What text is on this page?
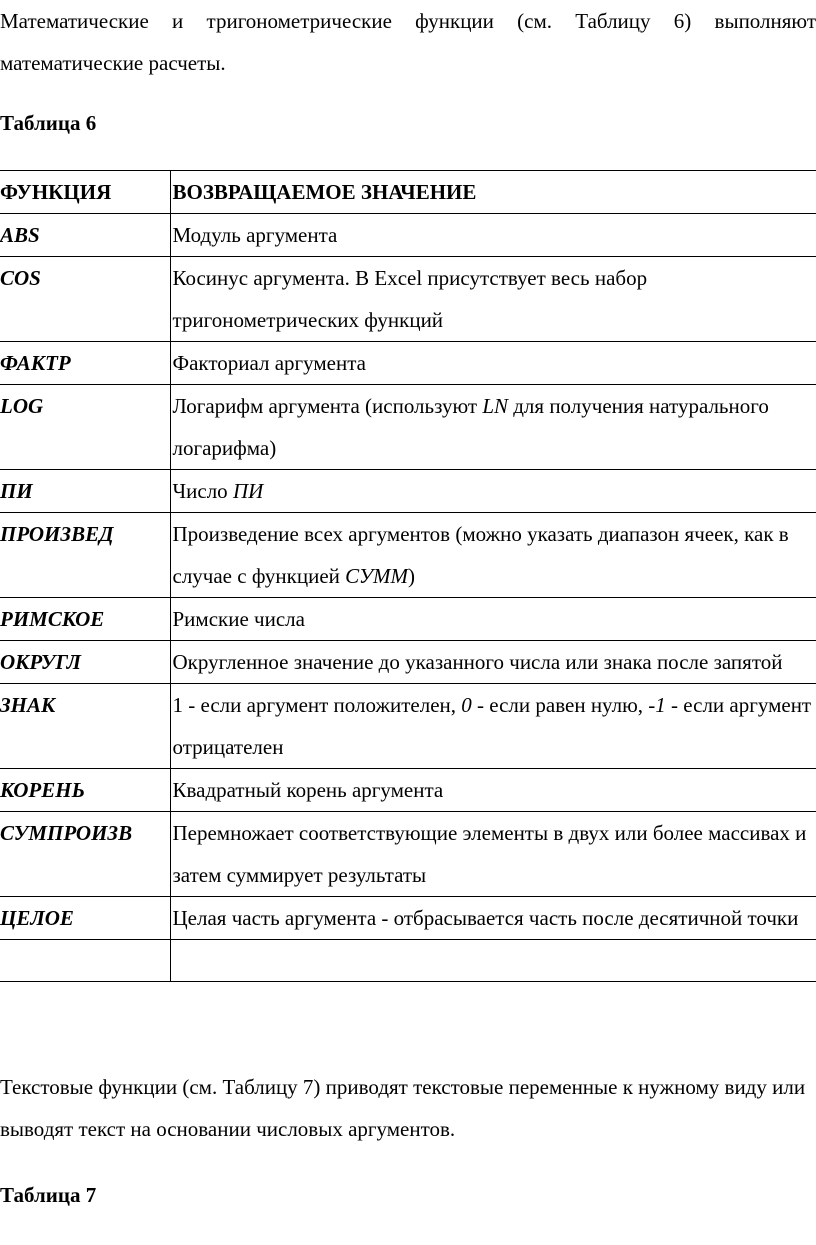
Математические и тригонометрические функции (см. Таблицу 6) выполняют математические расчеты.

Таблица 6

ФУНКЦИЯ	ВОЗВРАЩАЕМОЕ ЗНАЧЕНИЕ
ABS	Модуль аргумента
COS	Косинус аргумента. В Excel присутствует весь набор тригонометрических функций
ФАКТР	Факториал аргумента
LOG	Логарифм аргумента (используют LN для получения натурального логарифма)
ПИ	Число ПИ
ПРОИЗВЕД	Произведение всех аргументов (можно указать диапазон ячеек, как в случае с функцией СУММ)
РИМСКОЕ	Римские числа
ОКРУГЛ	Округленное значение до указанного числа или знака после запятой
ЗНАК	1 - если аргумент положителен, 0 - если равен нулю, -1 - если аргумент отрицателен
КОРЕНЬ	Квадратный корень аргумента
СУМПРОИЗВ	Перемножает соответствующие элементы в двух или более массивах и затем суммирует результаты
ЦЕЛОЕ	Целая часть аргумента - отбрасывается часть после десятичной точки

Текстовые функции (см. Таблицу 7) приводят текстовые переменные к нужному виду или выводят текст на основании числовых аргументов.

Таблица 7
